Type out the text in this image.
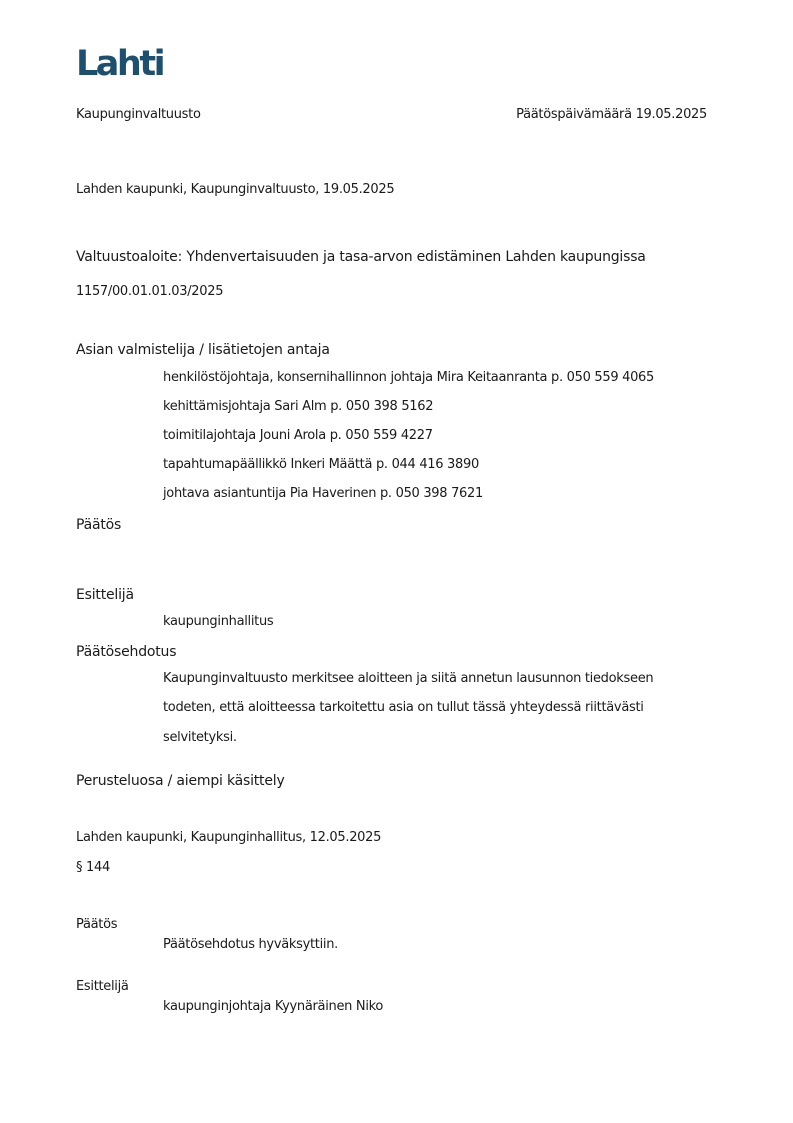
Lahti
Kaupunginvaltuusto	Päätöspäivämäärä 19.05.2025
Lahden kaupunki, Kaupunginvaltuusto, 19.05.2025
Valtuustoaloite: Yhdenvertaisuuden ja tasa-arvon edistäminen Lahden kaupungissa
1157/00.01.01.03/2025
Asian valmistelija / lisätietojen antaja
henkilöstöjohtaja, konsernihallinnon johtaja Mira Keitaanranta p. 050 559 4065
kehittämisjohtaja Sari Alm p. 050 398 5162
toimitilajohtaja Jouni Arola p. 050 559 4227
tapahtumapäällikkö Inkeri Määttä p. 044 416 3890
johtava asiantuntija Pia Haverinen p. 050 398 7621
Päätös
Esittelijä
kaupunginhallitus
Päätösehdotus
Kaupunginvaltuusto merkitsee aloitteen ja siitä annetun lausunnon tiedokseen
todeten, että aloitteessa tarkoitettu asia on tullut tässä yhteydessä riittävästi
selvitetyksi.
Perusteluosa / aiempi käsittely
Lahden kaupunki, Kaupunginhallitus, 12.05.2025
§ 144
Päätös
Päätösehdotus hyväksyttiin.
Esittelijä
kaupunginjohtaja Kyynäräinen Niko
